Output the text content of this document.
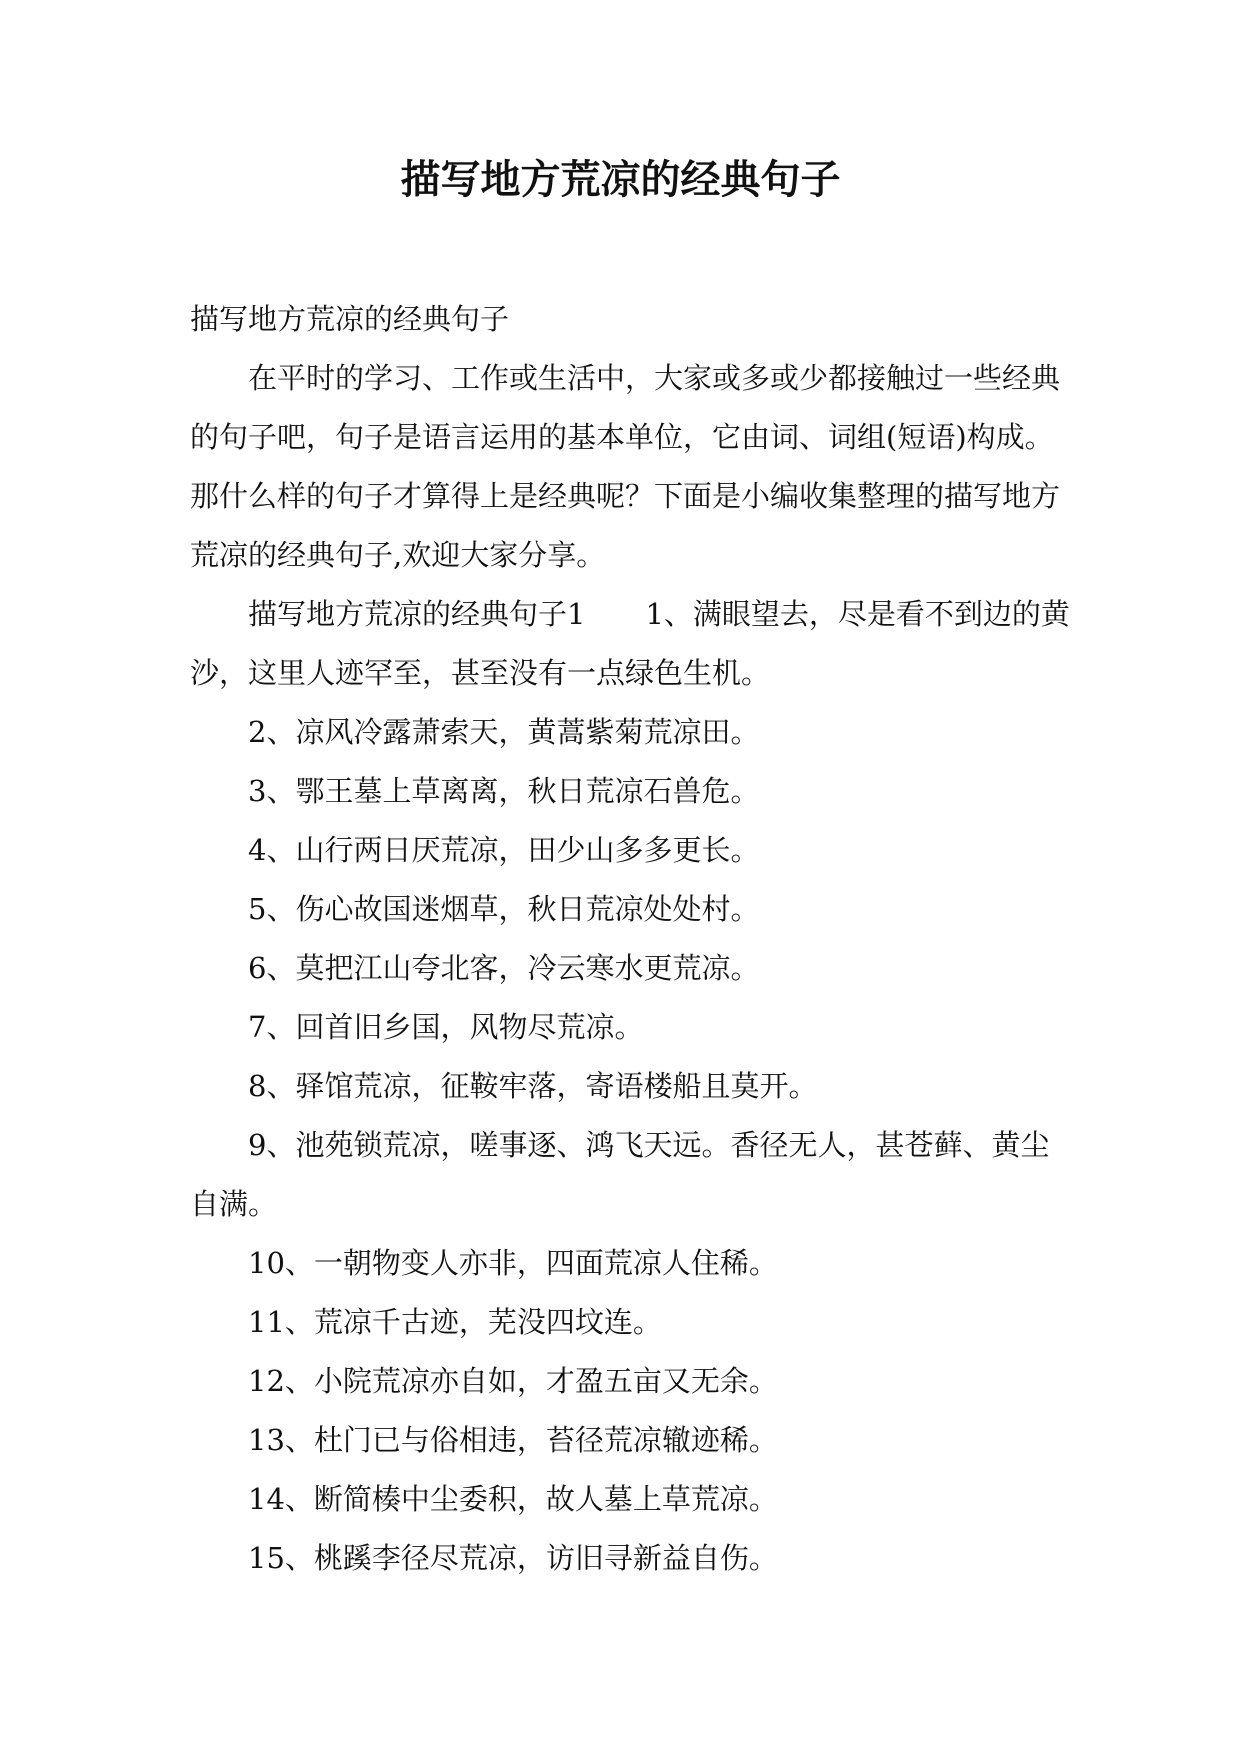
描写地方荒凉的经典句子

描写地方荒凉的经典句子

在平时的学习、工作或生活中，大家或多或少都接触过一些经典的句子吧，句子是语言运用的基本单位，它由词、词组(短语)构成。那什么样的句子才算得上是经典呢？下面是小编收集整理的描写地方荒凉的经典句子,欢迎大家分享。

描写地方荒凉的经典句子1 1、满眼望去，尽是看不到边的黄沙，这里人迹罕至，甚至没有一点绿色生机。

2、凉风冷露萧索天，黄蒿紫菊荒凉田。

3、鄂王墓上草离离，秋日荒凉石兽危。

4、山行两日厌荒凉，田少山多多更长。

5、伤心故国迷烟草，秋日荒凉处处村。

6、莫把江山夸北客，冷云寒水更荒凉。

7、回首旧乡国，风物尽荒凉。

8、驿馆荒凉，征鞍牢落，寄语楼船且莫开。

9、池苑锁荒凉，嗟事逐、鸿飞天远。香径无人，甚苍藓、黄尘自满。

10、一朝物变人亦非，四面荒凉人住稀。

11、荒凉千古迹，芜没四坟连。

12、小院荒凉亦自如，才盈五亩又无余。

13、杜门已与俗相违，苔径荒凉辙迹稀。

14、断简楱中尘委积，故人墓上草荒凉。

15、桃蹊李径尽荒凉，访旧寻新益自伤。
